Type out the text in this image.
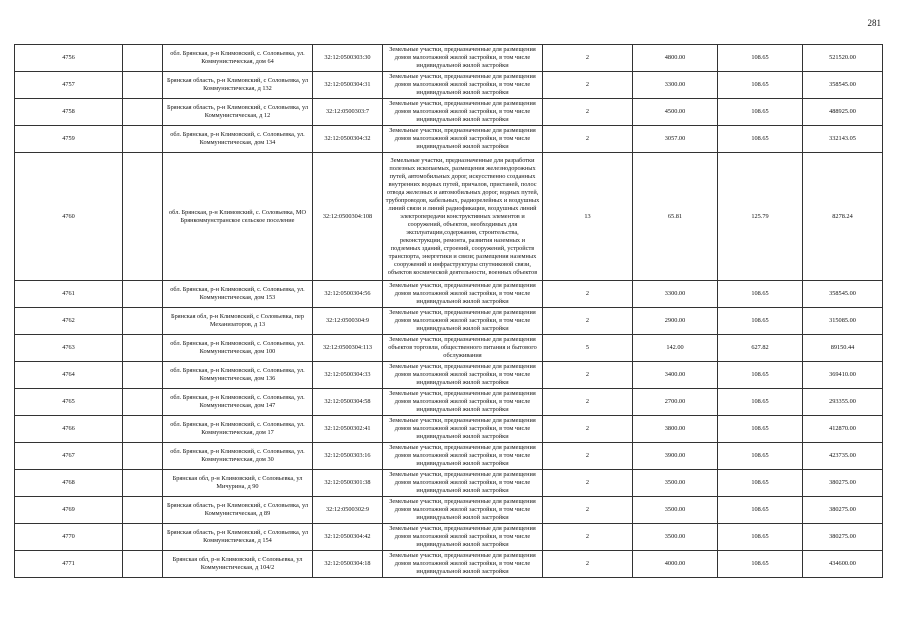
281
4756		обл. Брянская, р-н Климовский, с. Соловьевка, ул. Коммунистическая, дом 64	32:12:0500303:30	Земельные участки, предназначенные для размещения домов малоэтажной жилой застройки, в том числе индивидуальной жилой застройки	2	4800.00	108.65	521520.00
4757		Брянская область, р-н Климовский, с Соловьевка, ул Коммунистическая, д 132	32:12:0500304:31	Земельные участки, предназначенные для размещения домов малоэтажной жилой застройки, в том числе индивидуальной жилой застройки	2	3300.00	108.65	358545.00
4758		Брянская область, р-н Климовский, с Соловьевка, ул Коммунистическая, д 12	32:12:0500303:7	Земельные участки, предназначенные для размещения домов малоэтажной жилой застройки, в том числе индивидуальной жилой застройки	2	4500.00	108.65	488925.00
4759		обл. Брянская, р-н Климовский, с. Соловьевка, ул. Коммунистическая, дом 134	32:12:0500304:32	Земельные участки, предназначенные для размещения домов малоэтажной жилой застройки, в том числе индивидуальной жилой застройки	2	3057.00	108.65	332143.05
4760		обл. Брянская, р-н Климовский, с. Соловьевка, МО Брянкоммунстранское сельское поселение	32:12:0500304:108	Земельные участки, предназначенные для разработки полезных ископаемых, размещения железнодорожных путей, автомобильных дорог, искусственно созданных внутренних водных путей, причалов, пристаней, полос отвода железных и автомобильных дорог, водных путей, трубопроводов, кабельных, радиорелейных и воздушных линий связи и линий радиофикации, воздушных линий электропередачи конструктивных элементов и сооружений, объектов, необходимых для эксплуатации,содержания, строительства, реконструкции, ремонта, развития наземных и подземных зданий, строений, сооружений, устройств транспорта, энергетики и связи; размещения наземных сооружений и инфраструктуры спутниковой связи, объектов космической деятельности, военных объектов	13	65.81	125.79	8278.24
4761		обл. Брянская, р-н Климовский, с. Соловьевка, ул. Коммунистическая, дом 153	32:12:0500304:56	Земельные участки, предназначенные для размещения домов малоэтажной жилой застройки, в том числе индивидуальной жилой застройки	2	3300.00	108.65	358545.00
4762		Брянская обл, р-н Климовский, с Соловьевка, пер Механизаторов, д 13	32:12:0500304:9	Земельные участки, предназначенные для размещения домов малоэтажной жилой застройки, в том числе индивидуальной жилой застройки	2	2900.00	108.65	315085.00
4763		обл. Брянская, р-н Климовский, с. Соловьевка, ул. Коммунистическая, дом 100	32:12:0500304:113	Земельные участки, предназначенные для размещения объектов торговли, общественного питания и бытового обслуживания	5	142.00	627.82	89150.44
4764		обл. Брянская, р-н Климовский, с. Соловьевка, ул. Коммунистическая, дом 136	32:12:0500304:33	Земельные участки, предназначенные для размещения домов малоэтажной жилой застройки, в том числе индивидуальной жилой застройки	2	3400.00	108.65	369410.00
4765		обл. Брянская, р-н Климовский, с. Соловьевка, ул. Коммунистическая, дом 147	32:12:0500304:58	Земельные участки, предназначенные для размещения домов малоэтажной жилой застройки, в том числе индивидуальной жилой застройки	2	2700.00	108.65	293355.00
4766		обл. Брянская, р-н Климовский, с. Соловьевка, ул. Коммунистическая, дом 17	32:12:0500302:41	Земельные участки, предназначенные для размещения домов малоэтажной жилой застройки, в том числе индивидуальной жилой застройки	2	3800.00	108.65	412870.00
4767		обл. Брянская, р-н Климовский, с. Соловьевка, ул. Коммунистическая, дом 30	32:12:0500303:16	Земельные участки, предназначенные для размещения домов малоэтажной жилой застройки, в том числе индивидуальной жилой застройки	2	3900.00	108.65	423735.00
4768		Брянская обл, р-н Климовский, с Соловьевка, ул Мичурина, д 90	32:12:0500301:38	Земельные участки, предназначенные для размещения домов малоэтажной жилой застройки, в том числе индивидуальной жилой застройки	2	3500.00	108.65	380275.00
4769		Брянская область, р-н Климовский, с Соловьевка, ул Коммунистическая, д 89	32:12:0500302:9	Земельные участки, предназначенные для размещения домов малоэтажной жилой застройки, в том числе индивидуальной жилой застройки	2	3500.00	108.65	380275.00
4770		Брянская область, р-н Климовский, с Соловьевка, ул Коммунистическая, д 154	32:12:0500304:42	Земельные участки, предназначенные для размещения домов малоэтажной жилой застройки, в том числе индивидуальной жилой застройки	2	3500.00	108.65	380275.00
4771		Брянская обл, р-н Климовский, с Соловьевка, ул Коммунистическая, д 104/2	32:12:0500304:18	Земельные участки, предназначенные для размещения домов малоэтажной жилой застройки, в том числе индивидуальной жилой застройки	2	4000.00	108.65	434600.00
